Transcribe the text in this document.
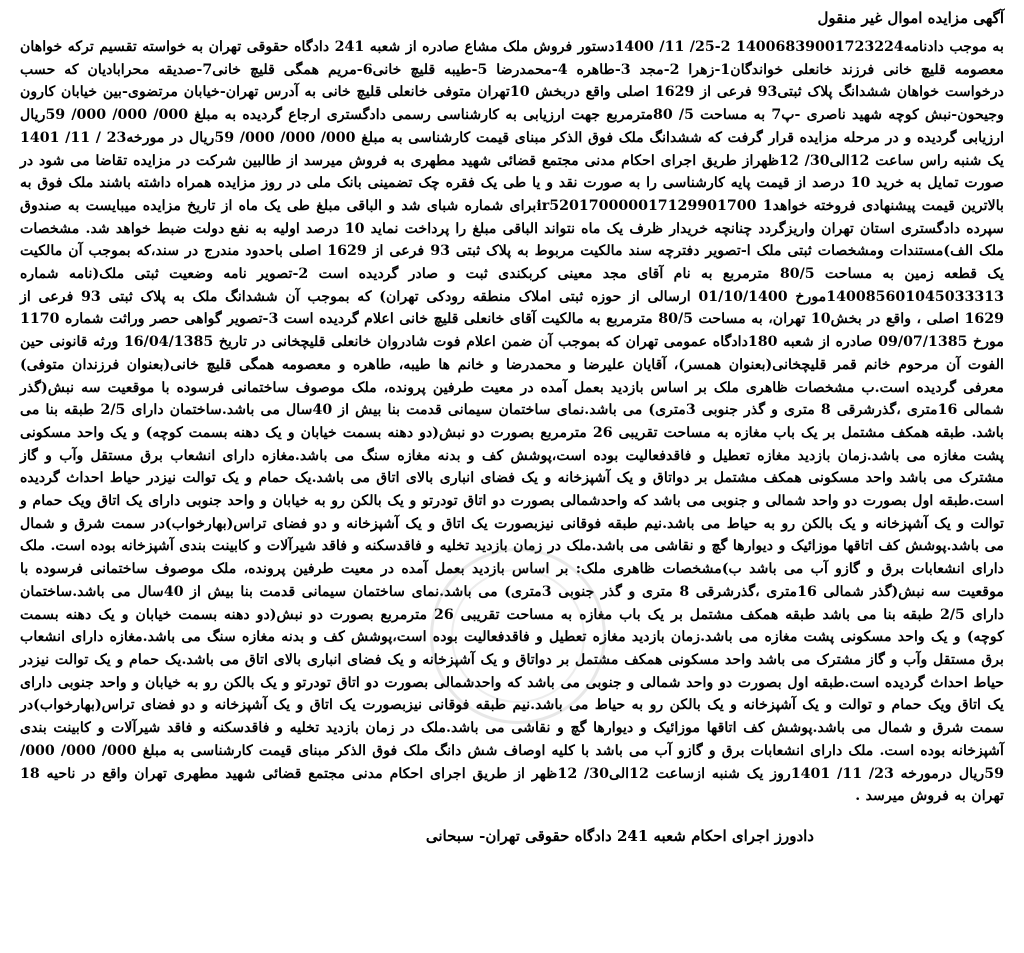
آگهی مزایده اموال غیر منقول

به موجب دادنامه14006839001723224 2-25/ 11/ 1400دستور فروش ملک مشاع صادره از شعبه 241 دادگاه حقوقی تهران به خواسته تقسیم ترکه خواهان معصومه قلیچ خانی فرزند خانعلی خواندگان1-زهرا 2-مجد 3-طاهره 4-محمدرضا 5-طیبه قلیچ خانی6-مریم همگی قلیچ خانی7-صدیقه محرابادیان که حسب درخواست خواهان ششدانگ پلاک ثبتی93 فرعی از 1629 اصلی واقع دربخش 10تهران متوفی خانعلی قلیچ خانی به آدرس تهران-خیابان مرتضوی-بین خیابان کارون وجیحون-نبش کوچه شهید ناصری -پ7 به مساحت 5/ 80مترمربع جهت ارزیابی به کارشناسی رسمی دادگستری ارجاع گردیده به مبلغ 000/ 000/ 000/ 59ریال ارزیابی گردیده و در مرحله مزایده قرار گرفت که ششدانگ ملک فوق الذکر مبنای قیمت کارشناسی به مبلغ 000/ 000/ 000/ 59ریال در مورخه23 / 11/ 1401 یک شنبه راس ساعت 12الی30/ 12ظهراز طریق اجرای احکام مدنی مجتمع قضائی شهید مطهری به فروش میرسد از طالبین شرکت در مزایده تقاضا می شود در صورت تمایل به خرید 10 درصد از قیمت پایه کارشناسی را به صورت نقد و یا طی یک فقره چک تضمینی بانک ملی در روز مزایده همراه داشته باشند ملک فوق به بالاترین قیمت پیشنهادی فروخته خواهدir520170000017129901700 1برای شماره شبای شد و الباقی مبلغ طی یک ماه از تاریخ مزایده میبایست به صندوق سپرده دادگستری استان تهران واریزگردد چنانچه خریدار ظرف یک ماه نتواند الباقی مبلغ را پرداخت نماید 10 درصد اولیه به نفع دولت ضبط خواهد شد. مشخصات ملک الف)مستندات ومشخصات ثبتی ملک ا-تصویر دفترچه سند مالکیت مربوط به پلاک ثبتی 93 فرعی از 1629 اصلی باحدود مندرج در سند،که بموجب آن مالکیت یک قطعه زمین به مساحت 80/5 مترمربع به نام آقای مجد معینی کربکندی ثبت و صادر گردیده است 2-تصویر نامه وضعیت ثبتی ملک(نامه شماره 140085601045033313مورخ 01/10/1400 ارسالی از حوزه ثبتی املاک منطقه رودکی تهران) که بموجب آن ششدانگ ملک به پلاک ثبتی 93 فرعی از 1629 اصلی ، واقع در بخش10 تهران، به مساحت 80/5 مترمربع به مالکیت آقای خانعلی قلیچ خانی اعلام گردیده است 3-تصویر گواهی حصر وراثت شماره 1170 مورخ 09/07/1385 صادره از شعبه 180دادگاه عمومی تهران که بموجب آن ضمن اعلام فوت شادروان خانعلی قلیچخانی در تاریخ 16/04/1385 ورثه قانونی حین الفوت آن مرحوم خانم قمر قلیچخانی(بعنوان همسر)، آقایان علیرضا و محمدرضا و خانم ها طیبه، طاهره و معصومه همگی قلیچ خانی(بعنوان فرزندان متوفی) معرفی گردیده است.ب مشخصات ظاهری ملک بر اساس بازدید بعمل آمده در معیت طرفین پرونده، ملک موصوف ساختمانی فرسوده با موقعیت سه نبش(گذر شمالی 16متری ،گذرشرقی 8 متری و گذر جنوبی 3متری) می باشد.نمای ساختمان سیمانی قدمت بنا بیش از 40سال می باشد.ساختمان دارای 2/5 طبقه بنا می باشد. طبقه همکف مشتمل بر یک باب مغازه به مساحت تقریبی 26 مترمربع بصورت دو نبش(دو دهنه بسمت خیابان و یک دهنه بسمت کوچه) و یک واحد مسکونی پشت مغازه می باشد.زمان بازدید مغازه تعطیل و فاقدفعالیت بوده است،پوشش کف و بدنه مغازه سنگ می باشد.مغازه دارای انشعاب برق مستقل وآب و گاز مشترک می باشد واحد مسکونی همکف مشتمل بر دواتاق و یک آشپزخانه و یک فضای انباری بالای اتاق می باشد.یک حمام و یک توالت نیزدر حیاط احداث گردیده است.طبقه اول بصورت دو واحد شمالی و جنوبی می باشد که واحدشمالی بصورت دو اتاق تودرتو و یک بالکن رو به خیابان و واحد جنوبی دارای یک اتاق ویک حمام و توالت و یک آشپزخانه و یک بالکن رو به حیاط می باشد.نیم طبقه فوقانی نیزبصورت یک اتاق و یک آشپزخانه و دو فضای تراس(بهارخواب)در سمت شرق و شمال می باشد.پوشش کف اتاقها موزائیک و دیوارها گچ و نقاشی می باشد.ملک در زمان بازدید تخلیه و فاقدسکنه و فاقد شیرآلات و کابینت بندی آشپزخانه بوده است. ملک دارای انشعابات برق و گازو آب می باشد ب)مشخصات ظاهری ملک: بر اساس بازدید بعمل آمده در معیت طرفین پرونده، ملک موصوف ساختمانی فرسوده با موقعیت سه نبش(گذر شمالی 16متری ،گذرشرقی 8 متری و گذر جنوبی 3متری) می باشد.نمای ساختمان سیمانی قدمت بنا بیش از 40سال می باشد.ساختمان دارای 2/5 طبقه بنا می باشد طبقه همکف مشتمل بر یک باب مغازه به مساحت تقریبی 26 مترمربع بصورت دو نبش(دو دهنه بسمت خیابان و یک دهنه بسمت کوچه) و یک واحد مسکونی پشت مغازه می باشد.زمان بازدید مغازه تعطیل و فاقدفعالیت بوده است،پوشش کف و بدنه مغازه سنگ می باشد.مغازه دارای انشعاب برق مستقل وآب و گاز مشترک می باشد واحد مسکونی همکف مشتمل بر دواتاق و یک آشپزخانه و یک فضای انباری بالای اتاق می باشد.یک حمام و یک توالت نیزدر حیاط احداث گردیده است.طبقه اول بصورت دو واحد شمالی و جنوبی می باشد که واحدشمالی بصورت دو اتاق تودرتو و یک بالکن رو به خیابان و واحد جنوبی دارای یک اتاق ویک حمام و توالت و یک آشپزخانه و یک بالکن رو به حیاط می باشد.نیم طبقه فوقانی نیزبصورت یک اتاق و یک آشپزخانه و دو فضای تراس(بهارخواب)در سمت شرق و شمال می باشد.پوشش کف اتاقها موزائیک و دیوارها گچ و نقاشی می باشد.ملک در زمان بازدید تخلیه و فاقدسکنه و فاقد شیرآلات و کابینت بندی آشپزخانه بوده است. ملک دارای انشعابات برق و گازو آب می باشد با کلیه اوصاف شش دانگ ملک فوق الذکر مبنای قیمت کارشناسی به مبلغ 000/ 000/ 000/ 59ریال درمورخه 23/ 11/ 1401روز یک شنبه ازساعت 12الی30/ 12ظهر از طریق اجرای احکام مدنی مجتمع قضائی شهید مطهری تهران واقع در ناحیه 18 تهران به فروش میرسد .

دادورز اجرای احکام شعبه 241 دادگاه حقوقی تهران- سبحانی
